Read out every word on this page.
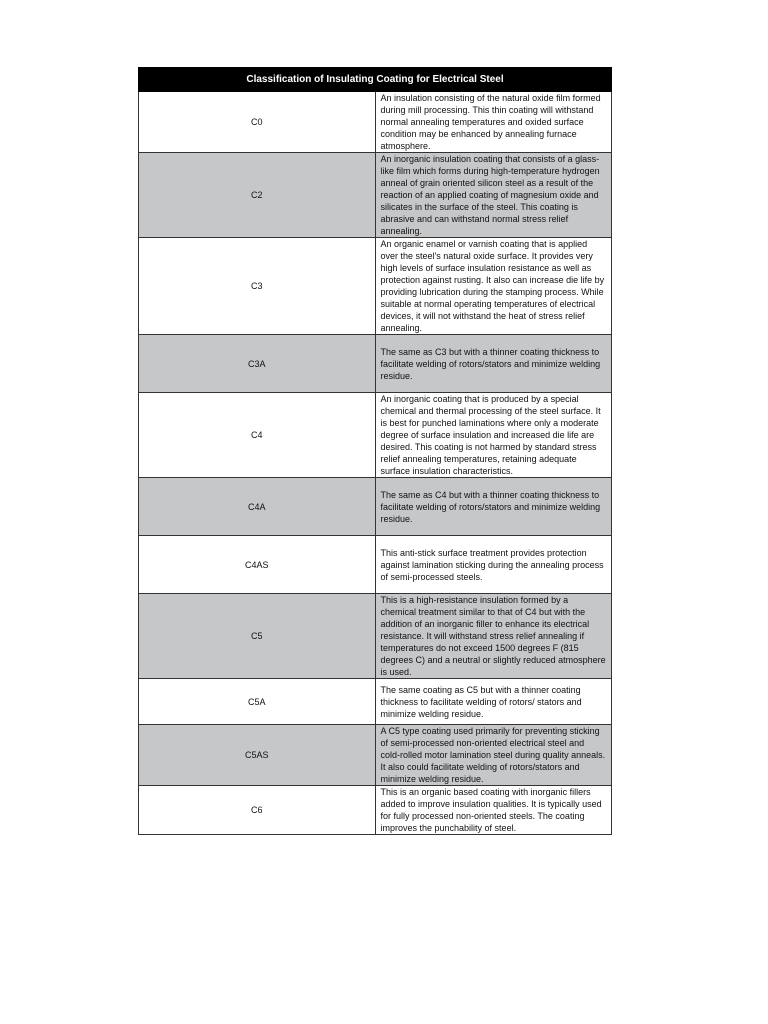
Classification of Insulating Coating for Electrical Steel	
C0	An insulation consisting of the natural oxide film formed during mill processing. This thin coating will withstand normal annealing temperatures and oxided surface condition may be enhanced by annealing furnace atmosphere.
C2	An inorganic insulation coating that consists of a glass-like film which forms during high-temperature hydrogen anneal of grain oriented silicon steel as a result of the reaction of an applied coating of magnesium oxide and silicates in the surface of the steel. This coating is abrasive and can withstand normal stress relief annealing.
C3	An organic enamel or varnish coating that is applied over the steel's natural oxide surface. It provides very high levels of surface insulation resistance as well as protection against rusting. It also can increase die life by providing lubrication during the stamping process. While suitable at normal operating temperatures of electrical devices, it will not withstand the heat of stress relief annealing.
C3A	The same as C3 but with a thinner coating thickness to facilitate welding of rotors/stators and minimize welding residue.
C4	An inorganic coating that is produced by a special chemical and thermal processing of the steel surface. It is best for punched laminations where only a moderate degree of surface insulation and increased die life are desired. This coating is not harmed by standard stress relief annealing temperatures, retaining adequate surface insulation characteristics.
C4A	The same as C4 but with a thinner coating thickness to facilitate welding of rotors/stators and minimize welding residue.
C4AS	This anti-stick surface treatment provides protection against lamination sticking during the annealing process of semi-processed steels.
C5	This is a high-resistance insulation formed by a chemical treatment similar to that of C4 but with the addition of an inorganic filler to enhance its electrical resistance. It will withstand stress relief annealing if temperatures do not exceed 1500 degrees F (815 degrees C) and a neutral or slightly reduced atmosphere is used.
C5A	The same coating as C5 but with a thinner coating thickness to facilitate welding of rotors/ stators and minimize welding residue.
C5AS	A C5 type coating used primarily for preventing sticking of semi-processed non-oriented electrical steel and cold-rolled motor lamination steel during quality anneals. It also could facilitate welding of rotors/stators and minimize welding residue.
C6	This is an organic based coating with inorganic fillers added to improve insulation qualities. It is typically used for fully processed non-oriented steels. The coating improves the punchability of steel.
